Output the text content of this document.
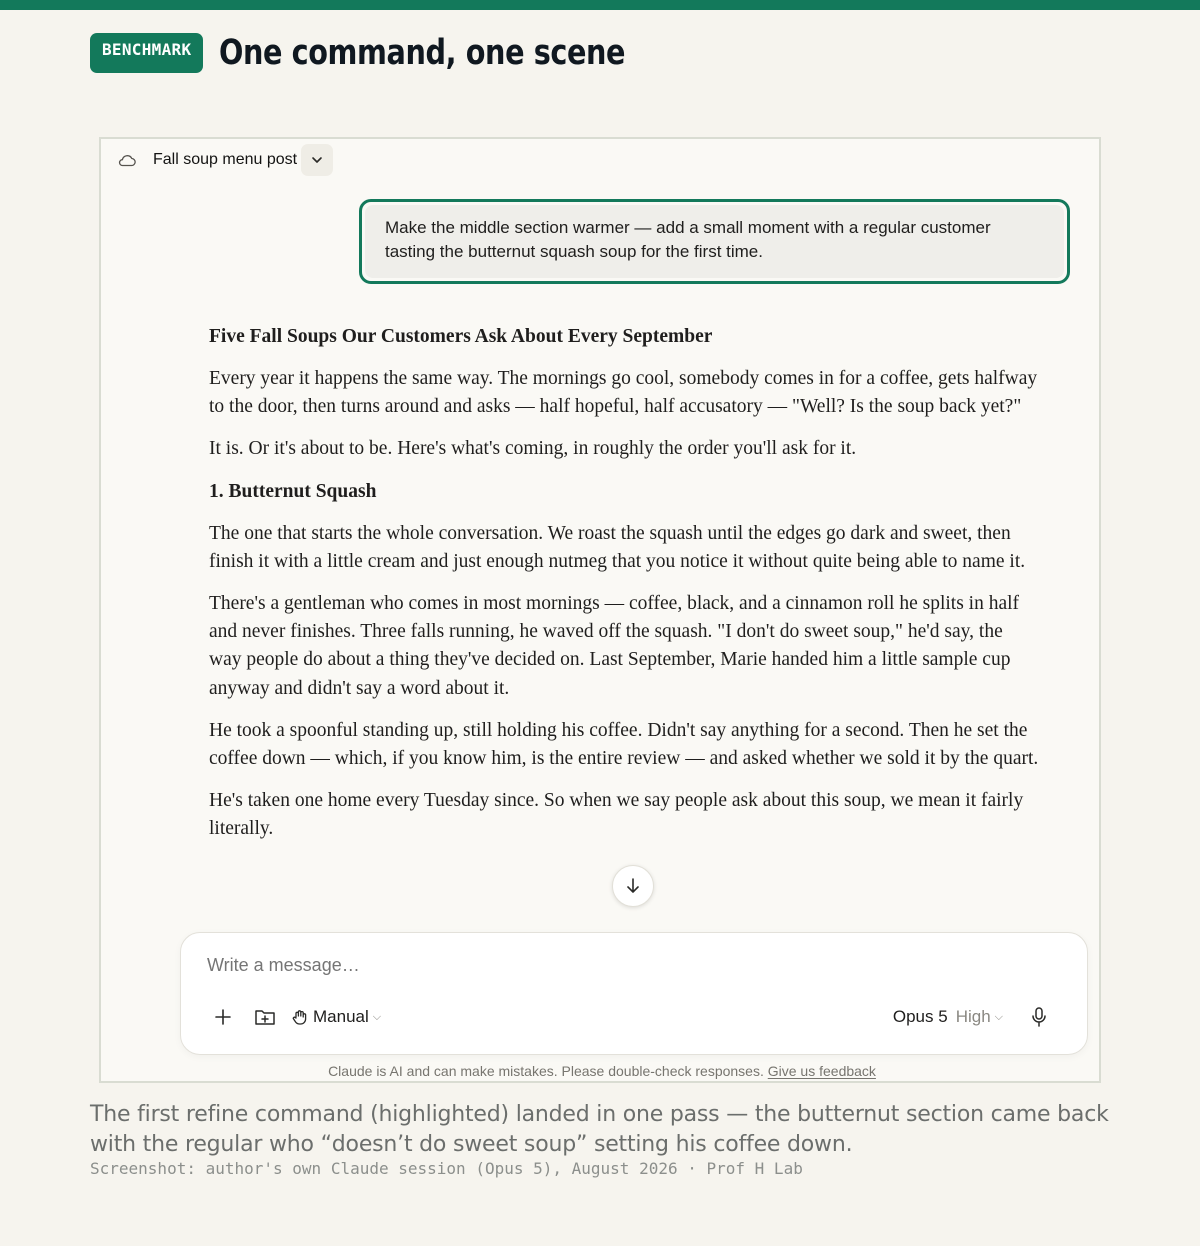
BENCHMARK One command, one scene
Fall soup menu post
Make the middle section warmer — add a small moment with a regular customer tasting the butternut squash soup for the first time.
Five Fall Soups Our Customers Ask About Every September

Every year it happens the same way. The mornings go cool, somebody comes in for a coffee, gets halfway to the door, then turns around and asks — half hopeful, half accusatory — "Well? Is the soup back yet?"

It is. Or it's about to be. Here's what's coming, in roughly the order you'll ask for it.

1. Butternut Squash

The one that starts the whole conversation. We roast the squash until the edges go dark and sweet, then finish it with a little cream and just enough nutmeg that you notice it without quite being able to name it.

There's a gentleman who comes in most mornings — coffee, black, and a cinnamon roll he splits in half and never finishes. Three falls running, he waved off the squash. "I don't do sweet soup," he'd say, the way people do about a thing they've decided on. Last September, Marie handed him a little sample cup anyway and didn't say a word about it.

He took a spoonful standing up, still holding his coffee. Didn't say anything for a second. Then he set the coffee down — which, if you know him, is the entire review — and asked whether we sold it by the quart.

He's taken one home every Tuesday since. So when we say people ask about this soup, we mean it fairly literally.

Write a message…
Manual ⌵	Opus 5 High ⌵
Claude is AI and can make mistakes. Please double-check responses. Give us feedback

The first refine command (highlighted) landed in one pass — the butternut section came back with the regular who “doesn’t do sweet soup” setting his coffee down.

Screenshot: author's own Claude session (Opus 5), August 2026 · Prof H Lab
